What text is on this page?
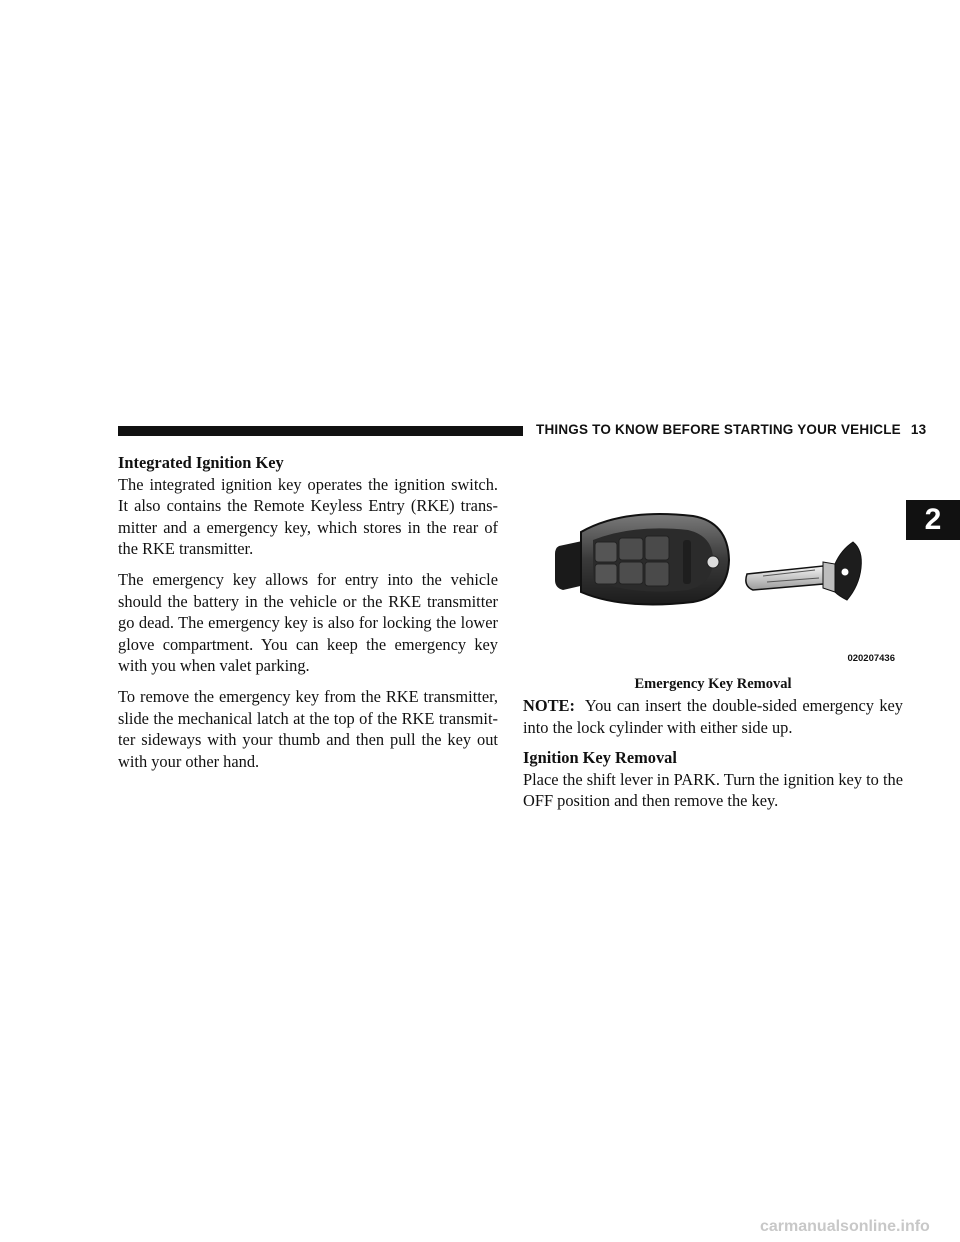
THINGS TO KNOW BEFORE STARTING YOUR VEHICLE 13
2
Integrated Ignition Key

The integrated ignition key operates the ignition switch. It also contains the Remote Keyless Entry (RKE) trans- mitter and a emergency key, which stores in the rear of the RKE transmitter.

The emergency key allows for entry into the vehicle should the battery in the vehicle or the RKE transmitter go dead. The emergency key is also for locking the lower glove compartment. You can keep the emergency key with you when valet parking.

To remove the emergency key from the RKE transmitter, slide the mechanical latch at the top of the RKE transmit- ter sideways with your thumb and then pull the key out with your other hand.

020207436
Emergency Key Removal

NOTE: You can insert the double-sided emergency key into the lock cylinder with either side up.

Ignition Key Removal

Place the shift lever in PARK. Turn the ignition key to the OFF position and then remove the key.

carmanualsonline.info
